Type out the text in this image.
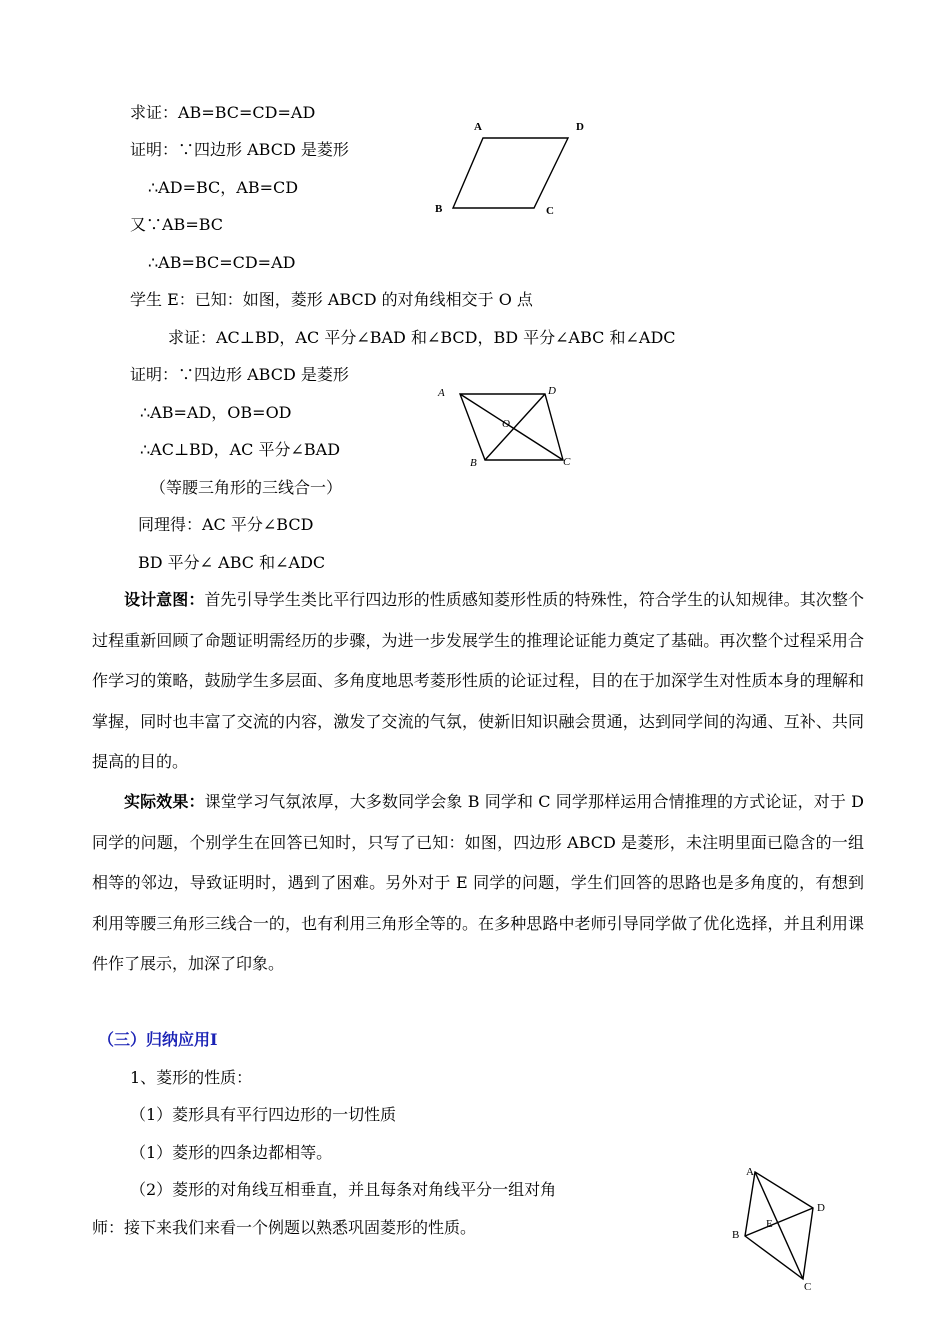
求证：AB=BC=CD=AD
证明：∵四边形 ABCD 是菱形
∴AD=BC，AB=CD
又∵AB=BC
∴AB=BC=CD=AD
A	D
B	C
学生 E：已知：如图，菱形 ABCD 的对角线相交于 O 点
求证：AC⊥BD，AC 平分∠BAD 和∠BCD，BD 平分∠ABC 和∠ADC
证明：∵四边形 ABCD 是菱形
∴AB=AD，OB=OD
∴AC⊥BD，AC 平分∠BAD
（等腰三角形的三线合一）
同理得：AC 平分∠BCD
BD 平分∠ ABC 和∠ADC
A	D
O
B	C
设计意图：首先引导学生类比平行四边形的性质感知菱形性质的特殊性，符合学生的认知规律。其次整个过程重新回顾了命题证明需经历的步骤，为进一步发展学生的推理论证能力奠定了基础。再次整个过程采用合作学习的策略，鼓励学生多层面、多角度地思考菱形性质的论证过程，目的在于加深学生对性质本身的理解和掌握，同时也丰富了交流的内容，激发了交流的气氛，使新旧知识融会贯通，达到同学间的沟通、互补、共同提高的目的。
实际效果：课堂学习气氛浓厚，大多数同学会象 B 同学和 C 同学那样运用合情推理的方式论证，对于 D 同学的问题，个别学生在回答已知时，只写了已知：如图，四边形 ABCD 是菱形，未注明里面已隐含的一组相等的邻边，导致证明时，遇到了困难。另外对于 E 同学的问题，学生们回答的思路也是多角度的，有想到利用等腰三角形三线合一的，也有利用三角形全等的。在多种思路中老师引导同学做了优化选择，并且利用课件作了展示，加深了印象。
（三）归纳应用Ⅰ
1、菱形的性质：
（1）菱形具有平行四边形的一切性质
（1）菱形的四条边都相等。
（2）菱形的对角线互相垂直，并且每条对角线平分一组对角
师：接下来我们来看一个例题以熟悉巩固菱形的性质。
A
D
E
B
C
